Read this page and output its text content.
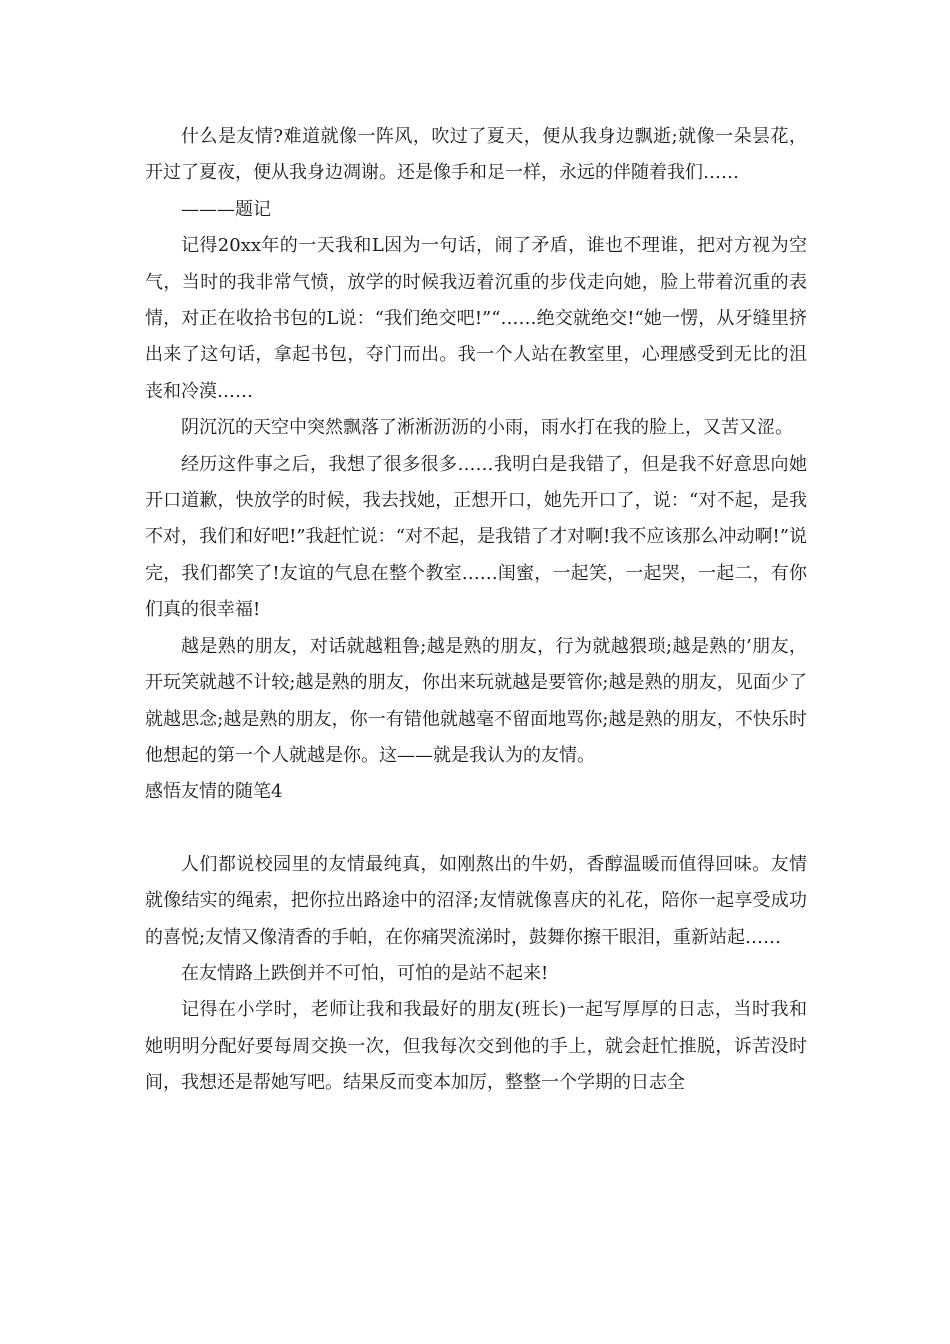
什么是友情?难道就像一阵风，吹过了夏天，便从我身边飘逝;就像一朵昙花，开过了夏夜，便从我身边凋谢。还是像手和足一样，永远的伴随着我们……

———题记

记得20xx年的一天我和L因为一句话，闹了矛盾，谁也不理谁，把对方视为空气，当时的我非常气愤，放学的时候我迈着沉重的步伐走向她，脸上带着沉重的表情，对正在收拾书包的L说：“我们绝交吧!”“……绝交就绝交!“她一愣，从牙缝里挤出来了这句话，拿起书包，夺门而出。我一个人站在教室里，心理感受到无比的沮丧和冷漠……

阴沉沉的天空中突然飘落了淅淅沥沥的小雨，雨水打在我的脸上，又苦又涩。

经历这件事之后，我想了很多很多……我明白是我错了，但是我不好意思向她开口道歉，快放学的时候，我去找她，正想开口，她先开口了，说：“对不起，是我不对，我们和好吧!”我赶忙说：“对不起，是我错了才对啊!我不应该那么冲动啊!”说完，我们都笑了!友谊的气息在整个教室……闺蜜，一起笑，一起哭，一起二，有你们真的很幸福!

越是熟的朋友，对话就越粗鲁;越是熟的朋友，行为就越猥琐;越是熟的’朋友，开玩笑就越不计较;越是熟的朋友，你出来玩就越是要管你;越是熟的朋友，见面少了就越思念;越是熟的朋友，你一有错他就越毫不留面地骂你;越是熟的朋友，不快乐时他想起的第一个人就越是你。这——就是我认为的友情。

感悟友情的随笔4

人们都说校园里的友情最纯真，如刚熬出的牛奶，香醇温暖而值得回味。友情就像结实的绳索，把你拉出路途中的沼泽;友情就像喜庆的礼花，陪你一起享受成功的喜悦;友情又像清香的手帕，在你痛哭流涕时，鼓舞你擦干眼泪，重新站起……

在友情路上跌倒并不可怕，可怕的是站不起来!

记得在小学时，老师让我和我最好的朋友(班长)一起写厚厚的日志，当时我和她明明分配好要每周交换一次，但我每次交到他的手上，就会赶忙推脱，诉苦没时间，我想还是帮她写吧。结果反而变本加厉，整整一个学期的日志全
